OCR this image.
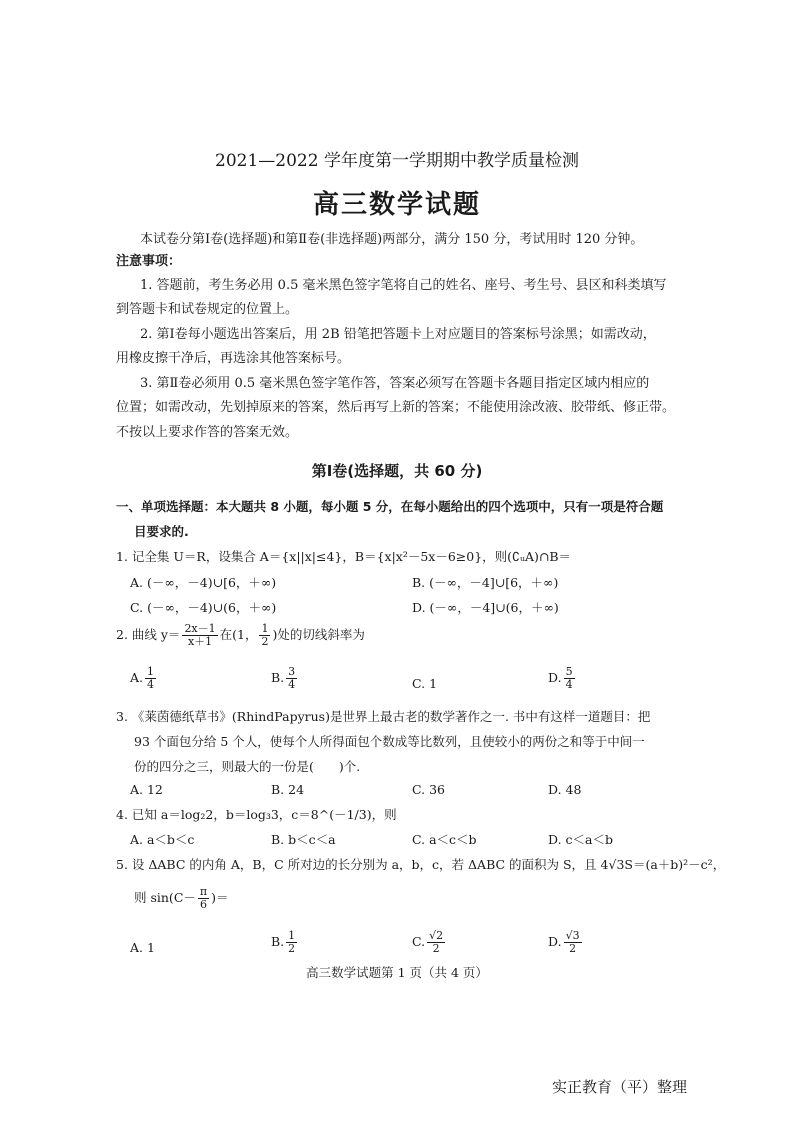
2021—2022 学年度第一学期期中教学质量检测
高三数学试题
本试卷分第Ⅰ卷(选择题)和第Ⅱ卷(非选择题)两部分，满分 150 分，考试用时 120 分钟。
注意事项：
1. 答题前，考生务必用 0.5 毫米黑色签字笔将自己的姓名、座号、考生号、县区和科类填写
到答题卡和试卷规定的位置上。
2. 第Ⅰ卷每小题选出答案后，用 2B 铅笔把答题卡上对应题目的答案标号涂黑；如需改动，
用橡皮擦干净后，再选涂其他答案标号。
3. 第Ⅱ卷必须用 0.5 毫米黑色签字笔作答，答案必须写在答题卡各题目指定区域内相应的
位置；如需改动，先划掉原来的答案，然后再写上新的答案；不能使用涂改液、胶带纸、修正带。
不按以上要求作答的答案无效。
第Ⅰ卷(选择题，共 60 分)
一、单项选择题：本大题共 8 小题，每小题 5 分，在每小题给出的四个选项中，只有一项是符合题
目要求的.
1. 记全集 U＝R，设集合 A＝{x||x|≤4}，B＝{x|x²－5x－6≥0}，则(∁ᵤA)∩B＝
A. (－∞，－4)∪[6，＋∞)	B. (－∞，－4]∪[6，＋∞)
C. (－∞，－4)∪(6，＋∞)	D. (－∞，－4]∪(6，＋∞)
2. 曲线 $y= \frac{2x-1}{x+1}$ 在(1， $\frac{1}{2}$ )处的切线斜率为
A. $\frac{1}{4}$	B. $\frac{3}{4}$	C. 1	D. $\frac{5}{4}$
3. 《莱茵德纸草书》(RhindPapyrus)是世界上最古老的数学著作之一. 书中有这样一道题目：把
93 个面包分给 5 个人，使每个人所得面包个数成等比数列，且使较小的两份之和等于中间一
份的四分之三，则最大的一份是(　　)个.
A. 12	B. 24	C. 36	D. 48
4. 已知 a＝log₂2，b＝log₃3，c＝8^(－1/3)，则
A. a＜b＜c	B. b＜c＜a	C. a＜c＜b	D. c＜a＜b
5. 设 ΔABC 的内角 A，B，C 所对边的长分别为 a，b，c，若 ΔABC 的面积为 S，且 4√3S＝(a＋b)²－c²，
则 $\sin(C- \frac{\pi}{6}$ )＝
A. 1	B. $\frac{1}{2}$	C. $\frac{√2}{2}$	D. $\frac{√3}{2}$
高三数学试题第 1 页（共 4 页）
实正教育（平）整理
